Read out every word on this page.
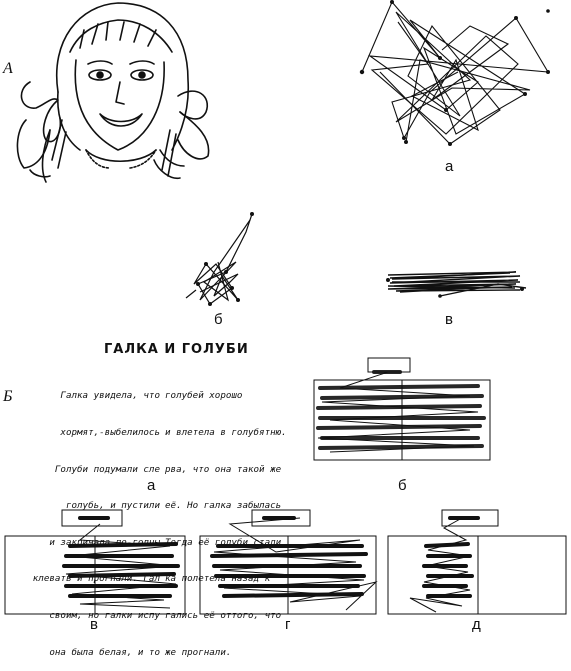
А
Б
а
б	в
ГАЛКА И ГОЛУБИ

Галка увидела, что

хормят,-выбелилось

Голуби подумали сле

голубь, и пустили

и закричала по-голчы

клевать и прогнали. Гал

своим, но галки испу

она была белая, и то

голубей хорошо

и влетела в голубятню.

рва, что она такой же

её. Но галка забылась

Тогда её голуби стали

ка полетела назад к

гались её оттого, что

же прогнали.

а	б
в	г	д
